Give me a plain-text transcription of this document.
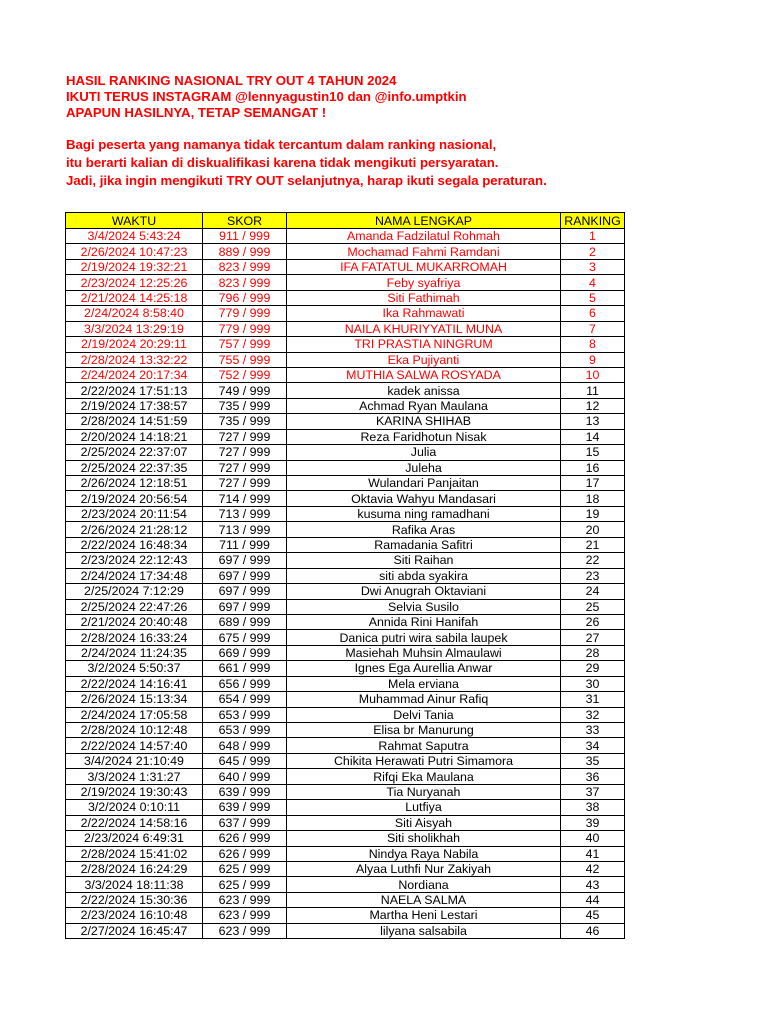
HASIL RANKING NASIONAL TRY OUT 4 TAHUN 2024
IKUTI TERUS INSTAGRAM @lennyagustin10 dan @info.umptkin
APAPUN HASILNYA, TETAP SEMANGAT !
Bagi peserta yang namanya tidak tercantum dalam ranking nasional,
itu berarti kalian di diskualifikasi karena tidak mengikuti persyaratan.
Jadi, jika ingin mengikuti TRY OUT selanjutnya, harap ikuti segala peraturan.
WAKTU	SKOR	NAMA LENGKAP	RANKING
3/4/2024 5:43:24	911 / 999	Amanda Fadzilatul Rohmah	1
2/26/2024 10:47:23	889 / 999	Mochamad Fahmi Ramdani	2
2/19/2024 19:32:21	823 / 999	IFA FATATUL MUKARROMAH	3
2/23/2024 12:25:26	823 / 999	Feby syafriya	4
2/21/2024 14:25:18	796 / 999	Siti Fathimah	5
2/24/2024 8:58:40	779 / 999	Ika Rahmawati	6
3/3/2024 13:29:19	779 / 999	NAILA KHURIYYATIL MUNA	7
2/19/2024 20:29:11	757 / 999	TRI PRASTIA NINGRUM	8
2/28/2024 13:32:22	755 / 999	Eka Pujiyanti	9
2/24/2024 20:17:34	752 / 999	MUTHIA SALWA ROSYADA	10
2/22/2024 17:51:13	749 / 999	kadek anissa	11
2/19/2024 17:38:57	735 / 999	Achmad Ryan Maulana	12
2/28/2024 14:51:59	735 / 999	KARINA SHIHAB	13
2/20/2024 14:18:21	727 / 999	Reza Faridhotun Nisak	14
2/25/2024 22:37:07	727 / 999	Julia	15
2/25/2024 22:37:35	727 / 999	Juleha	16
2/26/2024 12:18:51	727 / 999	Wulandari Panjaitan	17
2/19/2024 20:56:54	714 / 999	Oktavia Wahyu Mandasari	18
2/23/2024 20:11:54	713 / 999	kusuma ning ramadhani	19
2/26/2024 21:28:12	713 / 999	Rafika Aras	20
2/22/2024 16:48:34	711 / 999	Ramadania Safitri	21
2/23/2024 22:12:43	697 / 999	Siti Raihan	22
2/24/2024 17:34:48	697 / 999	siti abda syakira	23
2/25/2024 7:12:29	697 / 999	Dwi Anugrah Oktaviani	24
2/25/2024 22:47:26	697 / 999	Selvia Susilo	25
2/21/2024 20:40:48	689 / 999	Annida Rini Hanifah	26
2/28/2024 16:33:24	675 / 999	Danica putri wira sabila laupek	27
2/24/2024 11:24:35	669 / 999	Masiehah Muhsin Almaulawi	28
3/2/2024 5:50:37	661 / 999	Ignes Ega Aurellia Anwar	29
2/22/2024 14:16:41	656 / 999	Mela erviana	30
2/26/2024 15:13:34	654 / 999	Muhammad Ainur Rafiq	31
2/24/2024 17:05:58	653 / 999	Delvi Tania	32
2/28/2024 10:12:48	653 / 999	Elisa br Manurung	33
2/22/2024 14:57:40	648 / 999	Rahmat Saputra	34
3/4/2024 21:10:49	645 / 999	Chikita Herawati Putri Simamora	35
3/3/2024 1:31:27	640 / 999	Rifqi Eka Maulana	36
2/19/2024 19:30:43	639 / 999	Tia Nuryanah	37
3/2/2024 0:10:11	639 / 999	Lutfiya	38
2/22/2024 14:58:16	637 / 999	Siti Aisyah	39
2/23/2024 6:49:31	626 / 999	Siti sholikhah	40
2/28/2024 15:41:02	626 / 999	Nindya Raya Nabila	41
2/28/2024 16:24:29	625 / 999	Alyaa Luthfi Nur Zakiyah	42
3/3/2024 18:11:38	625 / 999	Nordiana	43
2/22/2024 15:30:36	623 / 999	NAELA SALMA	44
2/23/2024 16:10:48	623 / 999	Martha Heni Lestari	45
2/27/2024 16:45:47	623 / 999	lilyana salsabila	46
